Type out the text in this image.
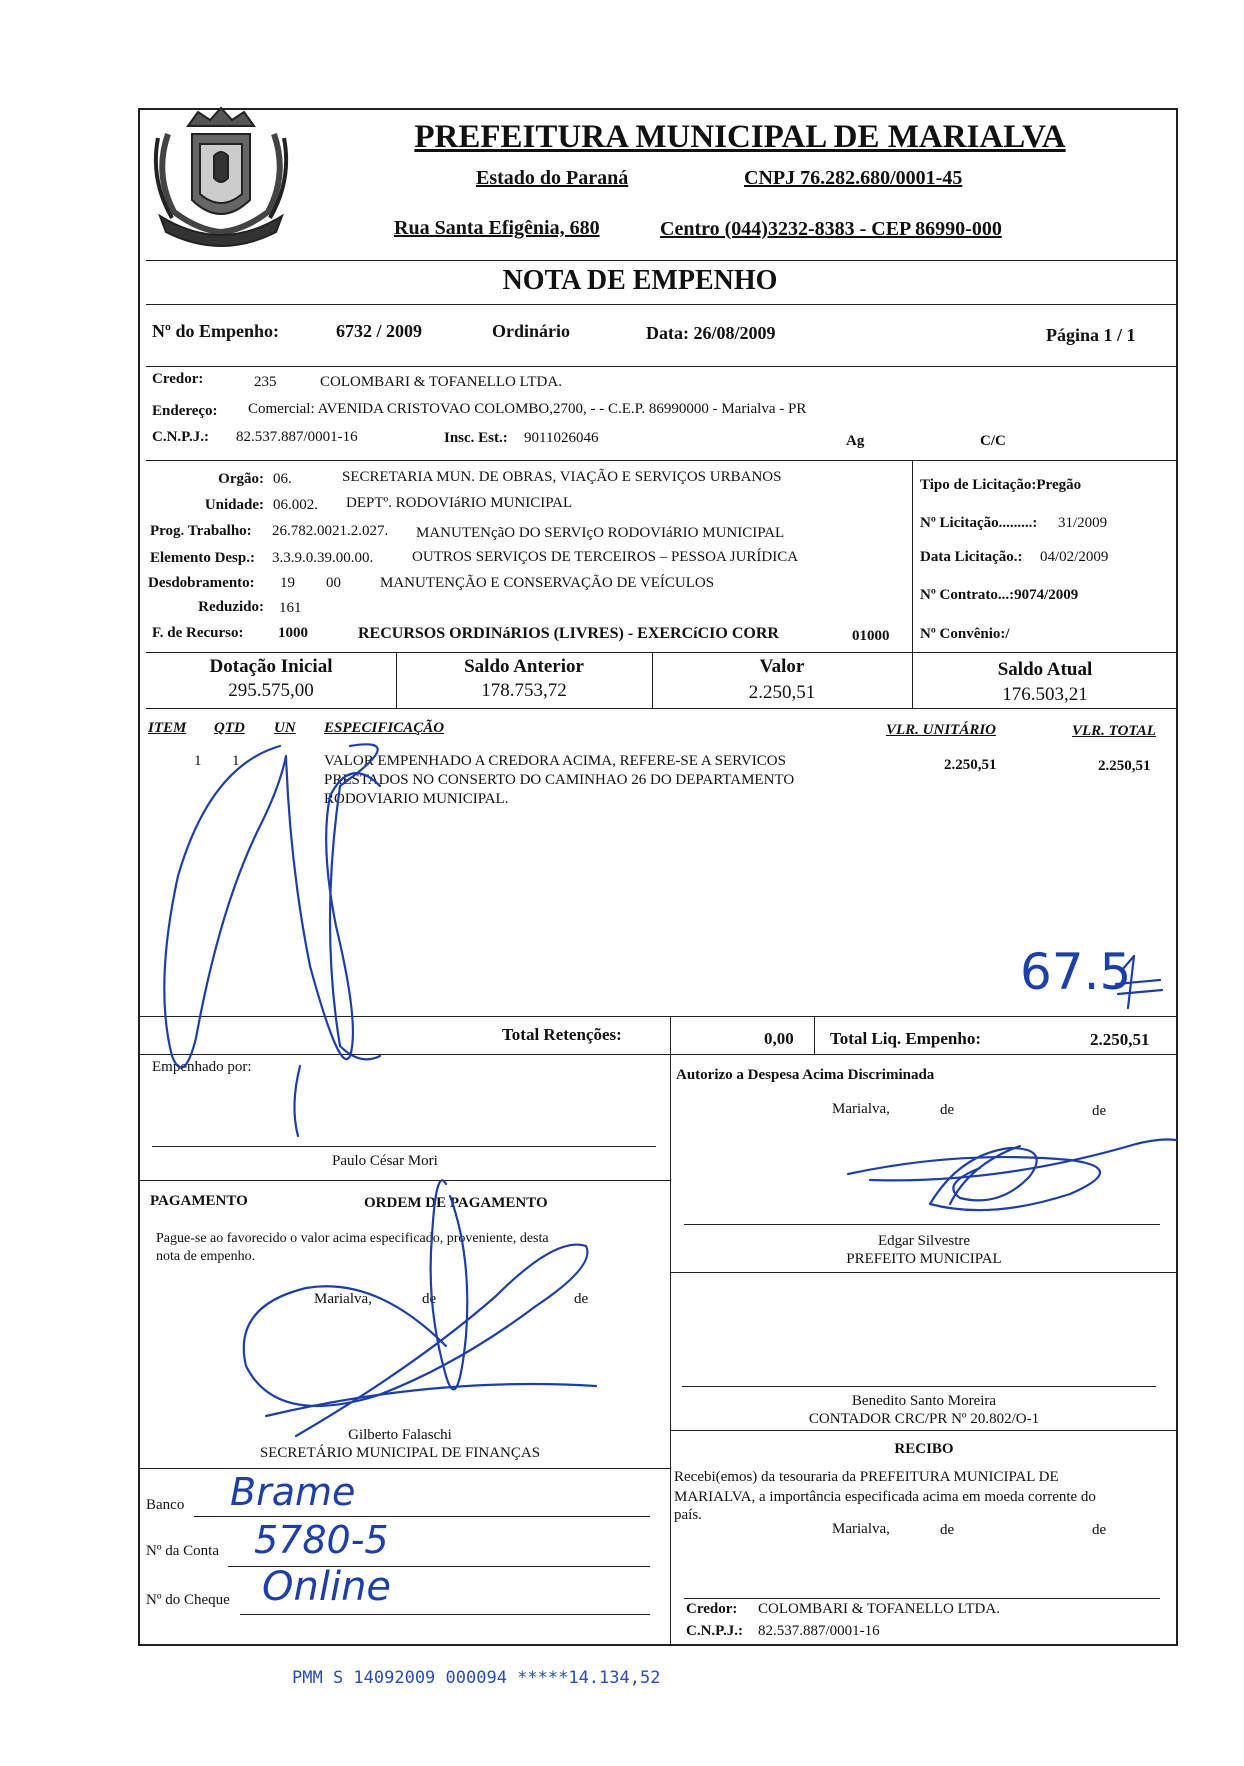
PREFEITURA MUNICIPAL DE MARIALVA
Estado do Paraná	CNPJ 76.282.680/0001-45
Rua Santa Efigênia, 680	Centro (044)3232-8383 - CEP 86990-000
NOTA DE EMPENHO
Nº do Empenho:	6732 / 2009	Ordinário	Data: 26/08/2009	Página 1 / 1
Credor:	235	COLOMBARI & TOFANELLO LTDA.
Endereço: Comercial: AVENIDA CRISTOVAO COLOMBO,2700, - - C.E.P. 86990000 - Marialva - PR
C.N.P.J.: 82.537.887/0001-16	Insc. Est.: 9011026046	Ag	C/C
Orgão: 06.	SECRETARIA MUN. DE OBRAS, VIAÇÃO E SERVIÇOS URBANOS
Unidade: 06.002. DEPTº. RODOVIáRIO MUNICIPAL
Prog. Trabalho: 26.782.0021.2.027. MANUTENçãO DO SERVIçO RODOVIáRIO MUNICIPAL
Elemento Desp.: 3.3.9.0.39.00.00.	OUTROS SERVIÇOS DE TERCEIROS – PESSOA JURÍDICA
Desdobramento: 19 00	MANUTENÇÃO E CONSERVAÇÃO DE VEÍCULOS
Reduzido: 161
F. de Recurso: 1000	RECURSOS ORDINáRIOS (LIVRES) - EXERCíCIO CORR	01000
Tipo de Licitação:Pregão
Nº Licitação.........: 31/2009
Data Licitação.: 04/02/2009
Nº Contrato...:9074/2009
Nº Convênio:/
Dotação Inicial
295.575,00
Saldo Anterior
178.753,72
Valor
2.250,51
Saldo Atual
176.503,21
ITEM QTD UN ESPECIFICAÇÃO	VLR. UNITÁRIO	VLR. TOTAL
1 1	VALOR EMPENHADO A CREDORA ACIMA, REFERE-SE A SERVICOS
PRESTADOS NO CONSERTO DO CAMINHAO 26 DO DEPARTAMENTO
RODOVIARIO MUNICIPAL.
2.250,51	2.250,51
67.5
Total Retenções:	0,00 Total Liq. Empenho:	2.250,51
Empenhado por:
Paulo César Mori
Autorizo a Despesa Acima Discriminada
Marialva,	de	de
Edgar Silvestre
PREFEITO MUNICIPAL
PAGAMENTO	ORDEM DE PAGAMENTO
Pague-se ao favorecido o valor acima especificado, proveniente, desta
nota de empenho.
Marialva,	de	de
Gilberto Falaschi
SECRETÁRIO MUNICIPAL DE FINANÇAS
Banco Brame
Nº da Conta 5780-5
Nº do Cheque Online
Benedito Santo Moreira
CONTADOR CRC/PR Nº 20.802/O-1
RECIBO
Recebi(emos) da tesouraria da PREFEITURA MUNICIPAL DE
MARIALVA, a importância especificada acima em moeda corrente do
país.
Marialva,	de	de
Credor: COLOMBARI & TOFANELLO LTDA.
C.N.P.J.: 82.537.887/0001-16
PMM S 14092009 000094 *****14.134,52
